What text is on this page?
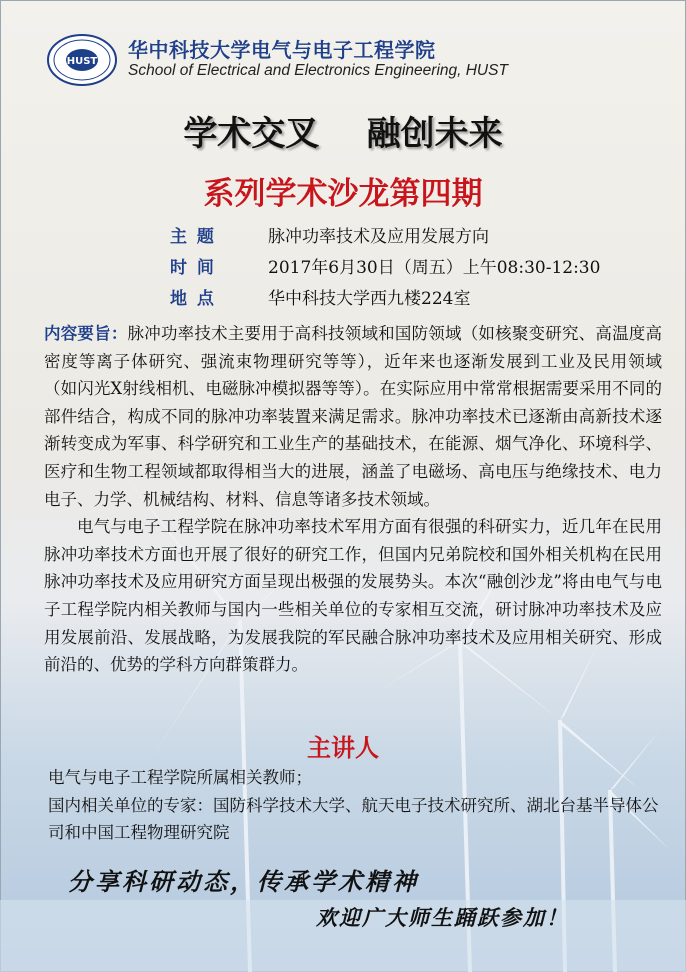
HUST 华中科技大学电气与电子工程学院
School of Electrical and Electronics Engineering, HUST
学术交叉    融创未来
系列学术沙龙第四期
主 题	脉冲功率技术及应用发展方向
时 间	2017年6月30日（周五）上午08:30-12:30
地 点	华中科技大学西九楼224室

内容要旨：脉冲功率技术主要用于高科技领域和国防领域（如核聚变研究、高温度高密度等离子体研究、强流束物理研究等等），近年来也逐渐发展到工业及民用领域（如闪光X射线相机、电磁脉冲模拟器等等）。在实际应用中常常根据需要采用不同的部件结合，构成不同的脉冲功率装置来满足需求。脉冲功率技术已逐渐由高新技术逐渐转变成为军事、科学研究和工业生产的基础技术，在能源、烟气净化、环境科学、医疗和生物工程领域都取得相当大的进展，涵盖了电磁场、高电压与绝缘技术、电力电子、力学、机械结构、材料、信息等诸多技术领域。

电气与电子工程学院在脉冲功率技术军用方面有很强的科研实力，近几年在民用脉冲功率技术方面也开展了很好的研究工作，但国内兄弟院校和国外相关机构在民用脉冲功率技术及应用研究方面呈现出极强的发展势头。本次“融创沙龙”将由电气与电子工程学院内相关教师与国内一些相关单位的专家相互交流，研讨脉冲功率技术及应用发展前沿、发展战略，为发展我院的军民融合脉冲功率技术及应用相关研究、形成前沿的、优势的学科方向群策群力。

主讲人

电气与电子工程学院所属相关教师；

国内相关单位的专家：国防科学技术大学、航天电子技术研究所、湖北台基半导体公司和中国工程物理研究院

分享科研动态，传承学术精神
欢迎广大师生踊跃参加！
